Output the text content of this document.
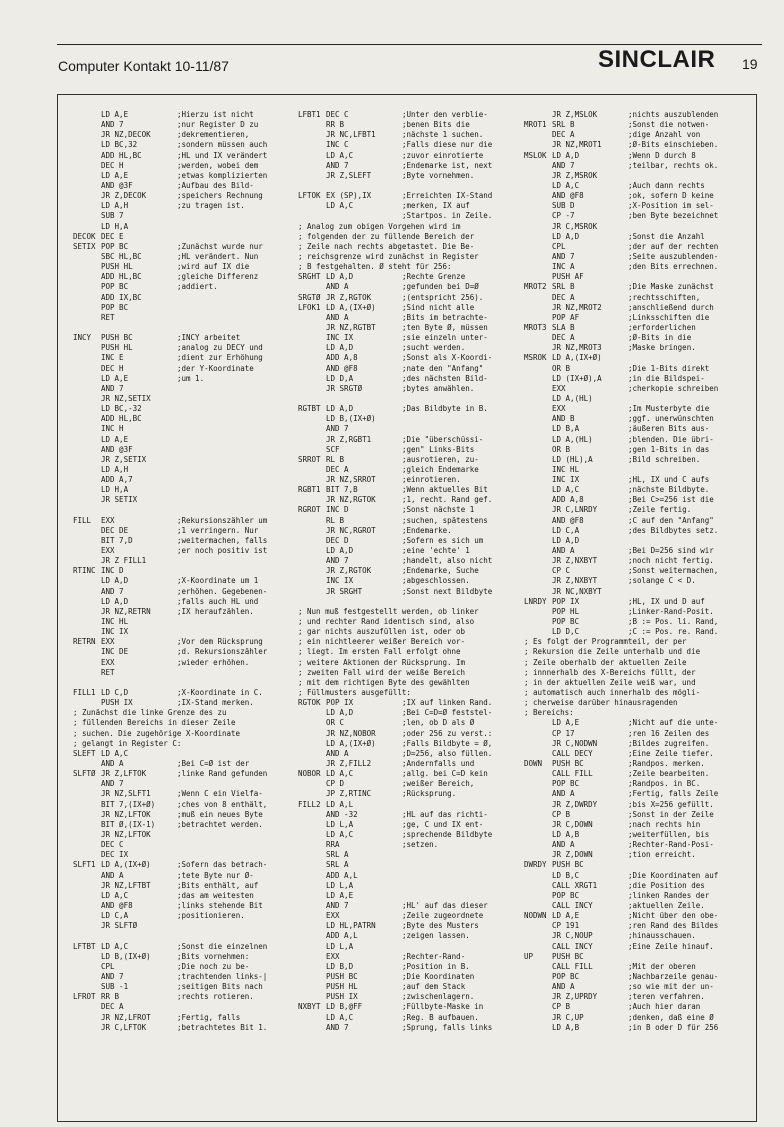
Computer Kontakt 10-11/87	SINCLAIR 19
LD A,E	;Hierzu ist nicht
AND 7	;nur Register D zu
JR NZ,DECOK	;dekrementieren,
LD BC,32	;sondern müssen auch
ADD HL,BC	;HL und IX verändert
DEC H	;werden, wobei dem
LD A,E	;etwas komplizierten
AND @3F	;Aufbau des Bild-
JR Z,DECOK	;speichers Rechnung
LD A,H	;zu tragen ist.
SUB 7
LD H,A
DECOK DEC E
SETIX POP BC	;Zunächst wurde nur
SBC HL,BC	;HL verändert. Nun
PUSH HL	;wird auf IX die
ADD HL,BC	;gleiche Differenz
POP BC	;addiert.
ADD IX,BC
POP BC
RET
INCY	PUSH BC	;INCY arbeitet
PUSH HL	;analog zu DECY und
INC E	;dient zur Erhöhung
DEC H	;der Y-Koordinate
LD A,E	;um 1.
AND 7
JR NZ,SETIX
LD BC,-32
ADD HL,BC
INC H
LD A,E
AND @3F
JR Z,SETIX
LD A,H
ADD A,7
LD H,A
JR SETIX
FILL	EXX	;Rekursionszähler um
DEC DE	;1 verringern. Nur
BIT 7,D	;weitermachen, falls
EXX	;er noch positiv ist
JR Z FILL1
RTINC INC D
LD A,D	;X-Koordinate um 1
AND 7	;erhöhen. Gegebenen-
LD A,D	;falls auch HL und
JR NZ,RETRN	;IX heraufzählen.
INC HL
INC IX
RETRN EXX	;Vor dem Rücksprung
INC DE	;d. Rekursionszähler
EXX	;wieder erhöhen.
RET
FILL1 LD C,D	;X-Koordinate in C.
PUSH IX	;IX-Stand merken.
; Zunächst die linke Grenze des zu
; füllenden Bereichs in dieser Zeile
; suchen. Die zugehörige X-Koordinate
; gelangt in Register C:
SLEFT LD A,C
AND A	;Bei C=Ø ist der
SLFTØ JR Z,LFTOK	;linke Rand gefunden
AND 7
JR NZ,SLFT1	;Wenn C ein Vielfa-
BIT 7,(IX+Ø)	;ches von 8 enthält,
JR NZ,LFTOK	;muß ein neues Byte
BIT Ø,(IX-1)	;betrachtet werden.
JR NZ,LFTOK
DEC C
DEC IX
SLFT1 LD A,(IX+Ø)	;Sofern das betrach-
AND A	;tete Byte nur Ø-
JR NZ,LFTBT	;Bits enthält, auf
LD A,C	;das am weitesten
AND @F8	;links stehende Bit
LD C,A	;positionieren.
JR SLFTØ
LFTBT LD A,C	;Sonst die einzelnen
LD B,(IX+Ø)	;Bits vornehmen:
CPL	;Die noch zu be-
AND 7	;trachtenden links-|
SUB -1	;seitigen Bits nach
LFROT RR B	;rechts rotieren.
DEC A
JR NZ,LFROT	;Fertig, falls
JR C,LFTOK	;betrachtetes Bit 1.
LFBT1 DEC C	;Unter den verblie-
RR B	;benen Bits die
JR NC,LFBT1	;nächste 1 suchen.
INC C	;Falls diese nur die
LD A,C	;zuvor einrotierte
AND 7	;Endemarke ist, next
JR Z,SLEFT	;Byte vornehmen.
LFTOK EX (SP),IX	;Erreichten IX-Stand
LD A,C	;merken, IX auf
;Startpos. in Zeile.
; Analog zum obigen Vorgehen wird im
; folgenden der zu füllende Bereich der
; Zeile nach rechts abgetastet. Die Be-
; reichsgrenze wird zunächst in Register
; B festgehalten. Ø steht für 256:
SRGHT LD A,D	;Rechte Grenze
AND A	;gefunden bei D=Ø
SRGTØ JR Z,RGTOK	;(entspricht 256).
LFOK1 LD A,(IX+Ø)	;Sind nicht alle
AND A	;Bits im betrachte-
JR NZ,RGTBT	;ten Byte Ø, müssen
INC IX	;sie einzeln unter-
LD A,D	;sucht werden.
ADD A,8	;Sonst als X-Koordi-
AND @F8	;nate den "Anfang"
LD D,A	;des nächsten Bild-
JR SRGTØ	;bytes anwählen.
RGTBT LD A,D	;Das Bildbyte in B.
LD B,(IX+Ø)
AND 7
JR Z,RGBT1	;Die "überschüssi-
SCF	;gen" Links-Bits
SRROT RL B	;ausrotieren, zu-
DEC A	;gleich Endemarke
JR NZ,SRROT	;einrotieren.
RGBT1 BIT 7,B	;Wenn aktuelles Bit
JR NZ,RGTOK	;1, recht. Rand gef.
RGROT INC D	;Sonst nächste 1
RL B	;suchen, spätestens
JR NC,RGROT	;Endemarke.
DEC D	;Sofern es sich um
LD A,D	;eine 'echte' 1
AND 7	;handelt, also nicht
JR Z,RGTOK	;Endemarke, Suche
INC IX	;abgeschlossen.
JR SRGHT	;Sonst next Bildbyte
; Nun muß festgestellt werden, ob linker
; und rechter Rand identisch sind, also
; gar nichts auszufüllen ist, oder ob
; ein nichtleerer weißer Bereich vor-
; liegt. Im ersten Fall erfolgt ohne
; weitere Aktionen der Rücksprung. Im
; zweiten Fall wird der weiße Bereich
; mit dem richtigen Byte des gewählten
; Füllmusters ausgefüllt:
RGTOK POP IX	;IX auf linken Rand.
LD A,D	;Bei C=D=Ø feststel-
OR C	;len, ob D als Ø
JR NZ,NOBOR	;oder 256 zu verst.:
LD A,(IX+Ø)	;Falls Bildbyte = Ø,
AND A	;D=256, also füllen.
JR Z,FILL2	;Andernfalls und
NOBOR LD A,C	;allg. bei C=D kein
CP D	;weißer Bereich,
JP Z,RTINC	;Rücksprung.
FILL2 LD A,L
AND -32	;HL auf das richti-
LD L,A	;ge, C und IX ent-
LD A,C	;sprechende Bildbyte
RRA	;setzen.
SRL A
SRL A
ADD A,L
LD L,A
LD A,E
AND 7	;HL' auf das dieser
EXX	;Zeile zugeordnete
LD HL,PATRN	;Byte des Musters
ADD A,L	;zeigen lassen.
LD L,A
EXX	;Rechter-Rand-
LD B,D	;Position in B.
PUSH BC	;Die Koordinaten
PUSH HL	;auf dem Stack
PUSH IX	;zwischenlagern.
NXBYT LD B,@FF	;Füllbyte-Maske in
LD A,C	;Reg. B aufbauen.
AND 7	;Sprung, falls links
JR Z,MSLOK	;nichts auszublenden
MROT1 SRL B	;Sonst die notwen-
DEC A	;dige Anzahl von
JR NZ,MROT1	;Ø-Bits einschieben.
MSLOK LD A,D	;Wenn D durch 8
AND 7	;teilbar, rechts ok.
JR Z,MSROK
LD A,C	;Auch dann rechts
AND @F8	;ok, sofern D keine
SUB D	;X-Position im sel-
CP -7	;ben Byte bezeichnet
JR C,MSROK
LD A,D	;Sonst die Anzahl
CPL	;der auf der rechten
AND 7	;Seite auszublenden-
INC A	;den Bits errechnen.
PUSH AF
MROT2 SRL B	;Die Maske zunächst
DEC A	;rechtsschiften,
JR NZ,MROT2	;anschließend durch
POP AF	;Linksschiften die
MROT3 SLA B	;erforderlichen
DEC A	;Ø-Bits in die
JR NZ,MROT3	;Maske bringen.
MSROK LD A,(IX+Ø)
OR B	;Die 1-Bits direkt
LD (IX+Ø),A	;in die Bildspei-
EXX	;cherkopie schreiben
LD A,(HL)
EXX	;Im Musterbyte die
AND B	;ggf. unerwünschten
LD B,A	;äußeren Bits aus-
LD A,(HL)	;blenden. Die übri-
OR B	;gen 1-Bits in das
LD (HL),A	;Bild schreiben.
INC HL
INC IX	;HL, IX und C aufs
LD A,C	;nächste Bildbyte.
ADD A,8	;Bei C>=256 ist die
JR C,LNRDY	;Zeile fertig.
AND @F8	;C auf den "Anfang"
LD C,A	;des Bildbytes setz.
LD A,D
AND A	;Bei D=256 sind wir
JR Z,NXBYT	;noch nicht fertig.
CP C	;Sonst weitermachen,
JR Z,NXBYT	;solange C < D.
JR NC,NXBYT
LNRDY POP IX	;HL, IX und D auf
POP HL	;Linker-Rand-Posit.
POP BC	;B := Pos. li. Rand,
LD D,C	;C := Pos. re. Rand.
; Es folgt der Programmteil, der per
; Rekursion die Zeile unterhalb und die
; Zeile oberhalb der aktuellen Zeile
; innnerhalb des X-Bereichs füllt, der
; in der aktuellen Zeile weiß war, und
; automatisch auch innerhalb des mögli-
; cherweise darüber hinausragenden
; Bereichs:
LD A,E	;Nicht auf die unte-
CP 17	;ren 16 Zeilen des
JR C,NODWN	;Bildes zugreifen.
CALL DECY	;Eine Zeile tiefer.
DOWN	PUSH BC	;Randpos. merken.
CALL FILL	;Zeile bearbeiten.
POP BC	;Randpos. in BC.
AND A	;Fertig, falls Zeile
JR Z,DWRDY	;bis X=256 gefüllt.
CP B	;Sonst in der Zeile
JR C,DOWN	;nach rechts hin
LD A,B	;weiterfüllen, bis
AND A	;Rechter-Rand-Posi-
JR Z,DOWN	;tion erreicht.
DWRDY PUSH BC
LD B,C	;Die Koordinaten auf
CALL XRGT1	;die Position des
POP BC	;linken Randes der
CALL INCY	;aktuellen Zeile.
NODWN LD A,E	;Nicht über den obe-
CP 191	;ren Rand des Bildes
JR C,NOUP	;hinausschauen.
CALL INCY	;Eine Zeile hinauf.
UP	PUSH BC
CALL FILL	;Mit der oberen
POP BC	;Nachbarzeile genau-
AND A	;so wie mit der un-
JR Z,UPRDY	;teren verfahren.
CP B	;Auch hier daran
JR C,UP	;denken, daß eine Ø
LD A,B	;in B oder D für 256
